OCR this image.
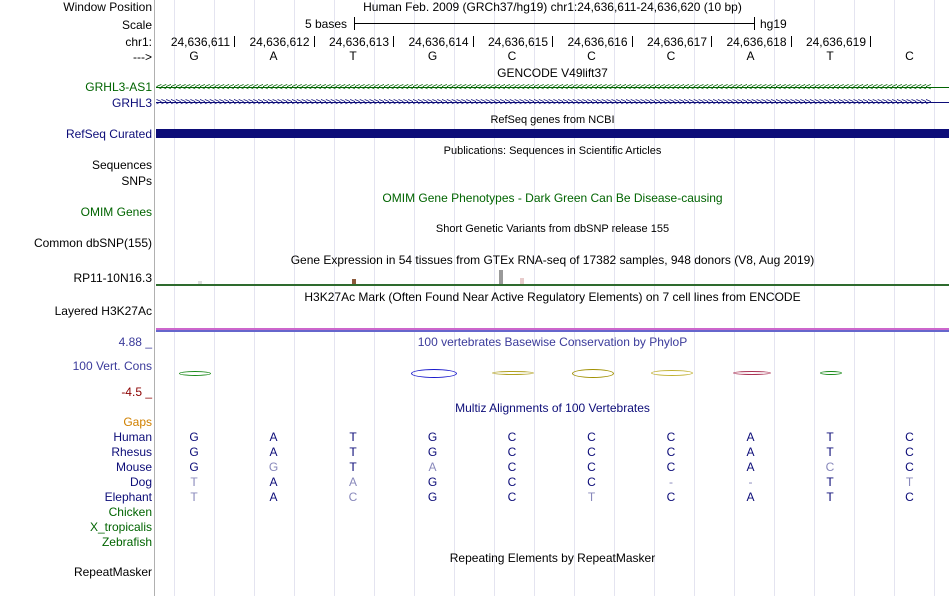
Window Position	Human Feb. 2009 (GRCh37/hg19) chr1:24,636,611-24,636,620 (10 bp)
Scale	5 bases	hg19
chr1: 24,636,611 24,636,612 24,636,613 24,636,614 24,636,615 24,636,616 24,636,617 24,636,618 24,636,619
--->	G	A	T	G	C	C	C	A	T	C
GENCODE V49lift37
GRHL3-AS1
GRHL3
RefSeq genes from NCBI
RefSeq Curated
Publications: Sequences in Scientific Articles
Sequences
SNPs
OMIM Gene Phenotypes - Dark Green Can Be Disease-causing
OMIM Genes
Short Genetic Variants from dbSNP release 155
Common dbSNP(155)
Gene Expression in 54 tissues from GTEx RNA-seq of 17382 samples, 948 donors (V8, Aug 2019)
RP11-10N16.3
H3K27Ac Mark (Often Found Near Active Regulatory Elements) on 7 cell lines from ENCODE
Layered H3K27Ac
100 vertebrates Basewise Conservation by PhyloP
4.88 _
100 Vert. Cons
-4.5 _
Multiz Alignments of 100 Vertebrates
Gaps
Human	G	A	T	G	C	C	C	A	T	C
Rhesus	G	A	T	G	C	C	C	A	T	C
Mouse	G	G	T	A	C	C	C	A	C	C
Dog	T	A	A	G	C	C	-	-	T	T
Elephant	T	A	C	G	C	T	C	A	T	C
Chicken
X_tropicalis
Zebrafish
Repeating Elements by RepeatMasker
RepeatMasker
